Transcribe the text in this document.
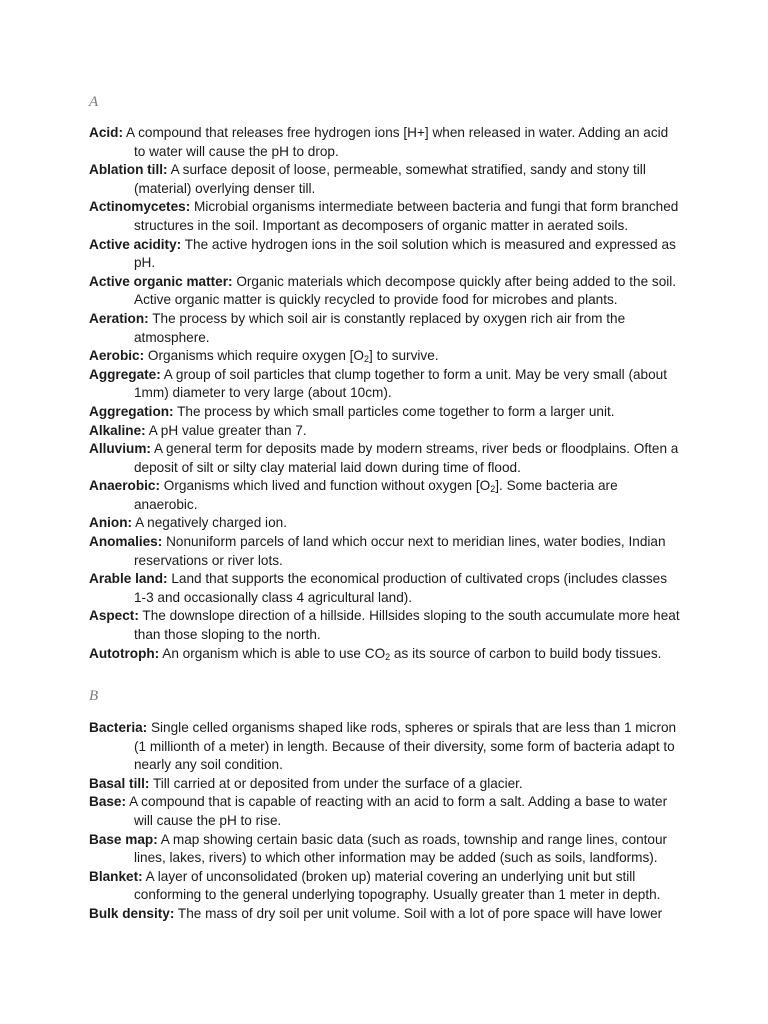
A

Acid: A compound that releases free hydrogen ions [H+] when released in water. Adding an acid to water will cause the pH to drop.

Ablation till: A surface deposit of loose, permeable, somewhat stratified, sandy and stony till (material) overlying denser till.

Actinomycetes: Microbial organisms intermediate between bacteria and fungi that form branched structures in the soil. Important as decomposers of organic matter in aerated soils.

Active acidity: The active hydrogen ions in the soil solution which is measured and expressed as pH.

Active organic matter: Organic materials which decompose quickly after being added to the soil. Active organic matter is quickly recycled to provide food for microbes and plants.

Aeration: The process by which soil air is constantly replaced by oxygen rich air from the atmosphere.

Aerobic: Organisms which require oxygen $[O_2]$ to survive.

Aggregate: A group of soil particles that clump together to form a unit. May be very small (about 1mm) diameter to very large (about 10cm).

Aggregation: The process by which small particles come together to form a larger unit.

Alkaline: A pH value greater than 7.

Alluvium: A general term for deposits made by modern streams, river beds or floodplains. Often a deposit of silt or silty clay material laid down during time of flood.

Anaerobic: Organisms which lived and function without oxygen $[O_2]$. Some bacteria are anaerobic.

Anion: A negatively charged ion.

Anomalies: Nonuniform parcels of land which occur next to meridian lines, water bodies, Indian reservations or river lots.

Arable land: Land that supports the economical production of cultivated crops (includes classes 1-3 and occasionally class 4 agricultural land).

Aspect: The downslope direction of a hillside. Hillsides sloping to the south accumulate more heat than those sloping to the north.

Autotroph: An organism which is able to use $CO_2$ as its source of carbon to build body tissues.

B

Bacteria: Single celled organisms shaped like rods, spheres or spirals that are less than 1 micron (1 millionth of a meter) in length. Because of their diversity, some form of bacteria adapt to nearly any soil condition.

Basal till: Till carried at or deposited from under the surface of a glacier.

Base: A compound that is capable of reacting with an acid to form a salt. Adding a base to water will cause the pH to rise.

Base map: A map showing certain basic data (such as roads, township and range lines, contour lines, lakes, rivers) to which other information may be added (such as soils, landforms).

Blanket: A layer of unconsolidated (broken up) material covering an underlying unit but still conforming to the general underlying topography. Usually greater than 1 meter in depth.

Bulk density: The mass of dry soil per unit volume. Soil with a lot of pore space will have lower
